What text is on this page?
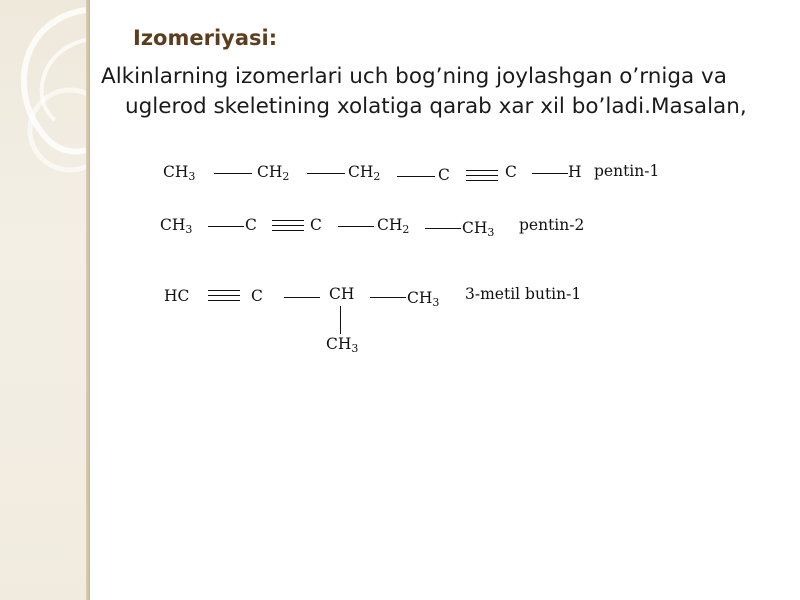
Izomeriyasi:

Alkinlarning izomerlari uch bog’ning joylashgan o’rniga va uglerod skeletining xolatiga qarab xar xil bo’ladi.Masalan,

$CH_3$	$CH_2$	$CH_2$	C	C	H pentin-1
$CH_3$	C	C	$CH_2$	$CH_3$ pentin-2
HC	C	CH	$CH_3$ 3-metil butin-1
$CH_3$
